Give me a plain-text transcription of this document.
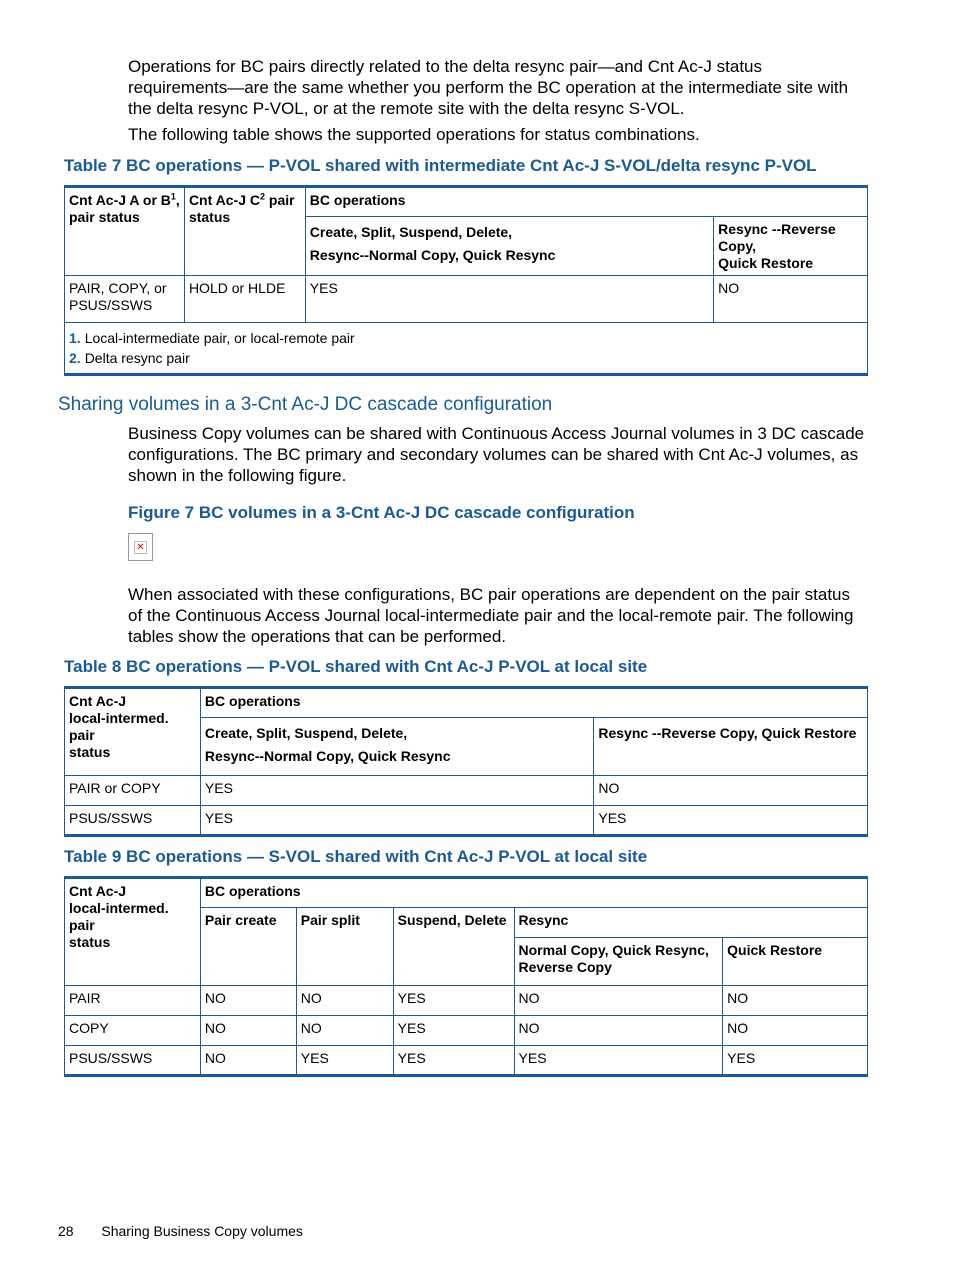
Operations for BC pairs directly related to the delta resync pair—and Cnt Ac-J status
requirements—are the same whether you perform the BC operation at the intermediate site with
the delta resync P-VOL, or at the remote site with the delta resync S-VOL.

The following table shows the supported operations for status combinations.

Table 7 BC operations — P-VOL shared with intermediate Cnt Ac-J S-VOL/delta resync P-VOL
Cnt Ac-J A or $B^1$,
pair status	Cnt Ac-J $C^2$ pair
status	BC operations	
		Create, Split, Suspend, Delete,
Resync--Normal Copy, Quick Resync	Resync --Reverse Copy,
Quick Restore
PAIR, COPY, or
PSUS/SSWS	HOLD or HLDE	YES	NO

1. Local-intermediate pair, or local-remote pair
2. Delta resync pair			
Sharing volumes in a 3-Cnt Ac-J DC cascade configuration

Business Copy volumes can be shared with Continuous Access Journal volumes in 3 DC cascade
configurations. The BC primary and secondary volumes can be shared with Cnt Ac-J volumes, as
shown in the following figure.

Figure 7 BC volumes in a 3-Cnt Ac-J DC cascade configuration
✕

When associated with these configurations, BC pair operations are dependent on the pair status
of the Continuous Access Journal local-intermediate pair and the local-remote pair. The following
tables show the operations that can be performed.

Table 8 BC operations — P-VOL shared with Cnt Ac-J P-VOL at local site
Cnt Ac-J
local-intermed. pair
status	BC operations	
	Create, Split, Suspend, Delete,
Resync--Normal Copy, Quick Resync	Resync --Reverse Copy, Quick Restore
PAIR or COPY	YES	NO
PSUS/SSWS	YES	YES
Table 9 BC operations — S-VOL shared with Cnt Ac-J P-VOL at local site
Cnt Ac-J
local-intermed. pair
status	BC operations				
	Pair create	Pair split	Suspend, Delete	Resync	
				Normal Copy, Quick Resync,
Reverse Copy	Quick Restore
PAIR	NO	NO	YES	NO	NO
COPY	NO	NO	YES	NO	NO
PSUS/SSWS	NO	YES	YES	YES	YES
28 Sharing Business Copy volumes
